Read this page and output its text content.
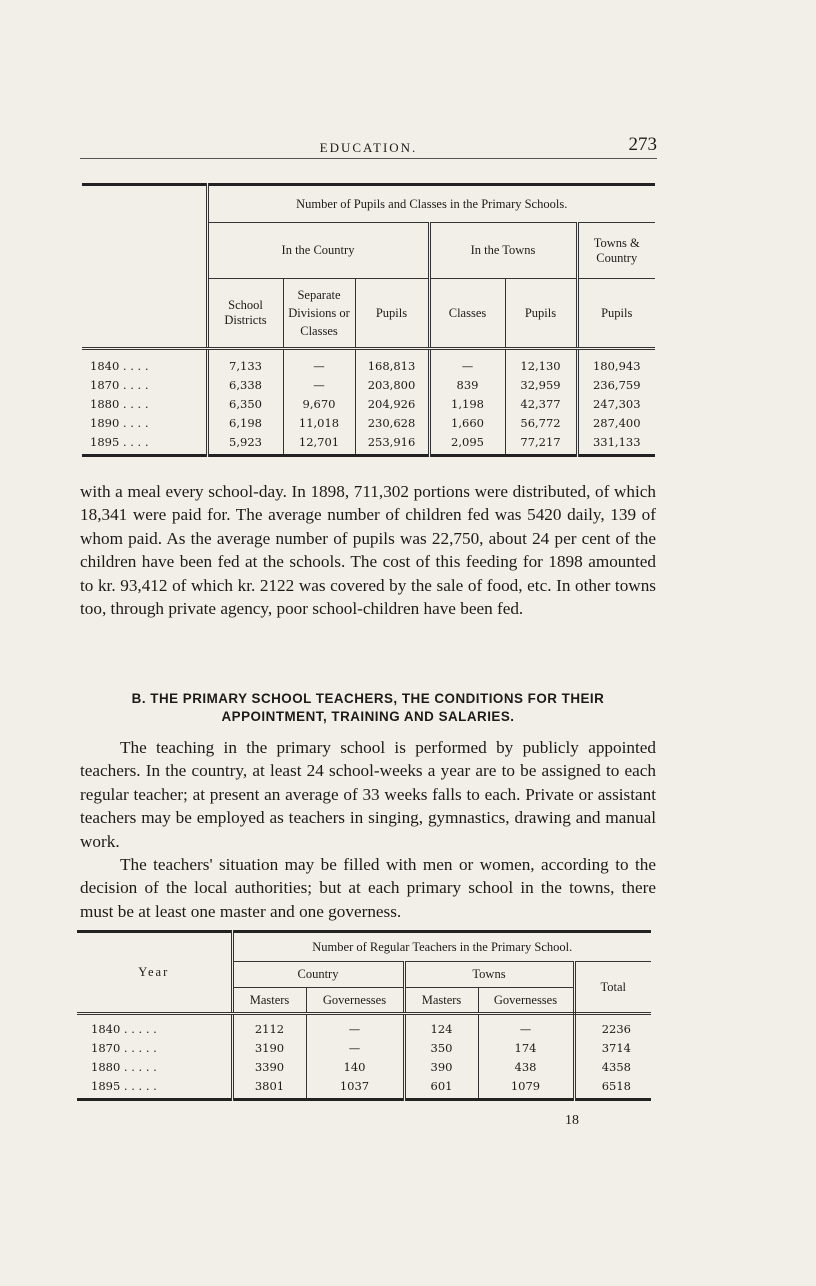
EDUCATION.	273
	Number of Pupils and Classes in the Primary Schools.					
	In the Country			In the Towns		Towns & Country
	School Districts	Separate Divisions or Classes	Pupils	Classes	Pupils	Pupils

1840 . . . .	7,133	—	168,813	—	12,130	180,943
1870 . . . .	6,338	—	203,800	839	32,959	236,759
1880 . . . .	6,350	9,670	204,926	1,198	42,377	247,303
1890 . . . .	6,198	11,018	230,628	1,660	56,772	287,400
1895 . . . .	5,923	12,701	253,916	2,095	77,217	331,133

with a meal every school-day. In 1898, 711,302 portions were distributed, of which 18,341 were paid for. The average number of children fed was 5420 daily, 139 of whom paid. As the average number of pupils was 22,750, about 24 per cent of the children have been fed at the schools. The cost of this feeding for 1898 amounted to kr. 93,412 of which kr. 2122 was covered by the sale of food, etc. In other towns too, through private agency, poor school-children have been fed.

B. THE PRIMARY SCHOOL TEACHERS, THE CONDITIONS FOR THEIR APPOINTMENT, TRAINING AND SALARIES.

The teaching in the primary school is performed by publicly appointed teachers. In the country, at least 24 school-weeks a year are to be assigned to each regular teacher; at present an average of 33 weeks falls to each. Private or assistant teachers may be employed as teachers in singing, gymnastics, drawing and manual work.

The teachers' situation may be filled with men or women, according to the decision of the local authorities; but at each primary school in the towns, there must be at least one master and one governess.

Year	Number of Regular Teachers in the Primary School.				
	Country		Towns		Total
	Masters	Governesses	Masters	Governesses	

1840 . . . . .	2112	—	124	—	2236
1870 . . . . .	3190	—	350	174	3714
1880 . . . . .	3390	140	390	438	4358
1895 . . . . .	3801	1037	601	1079	6518

18
